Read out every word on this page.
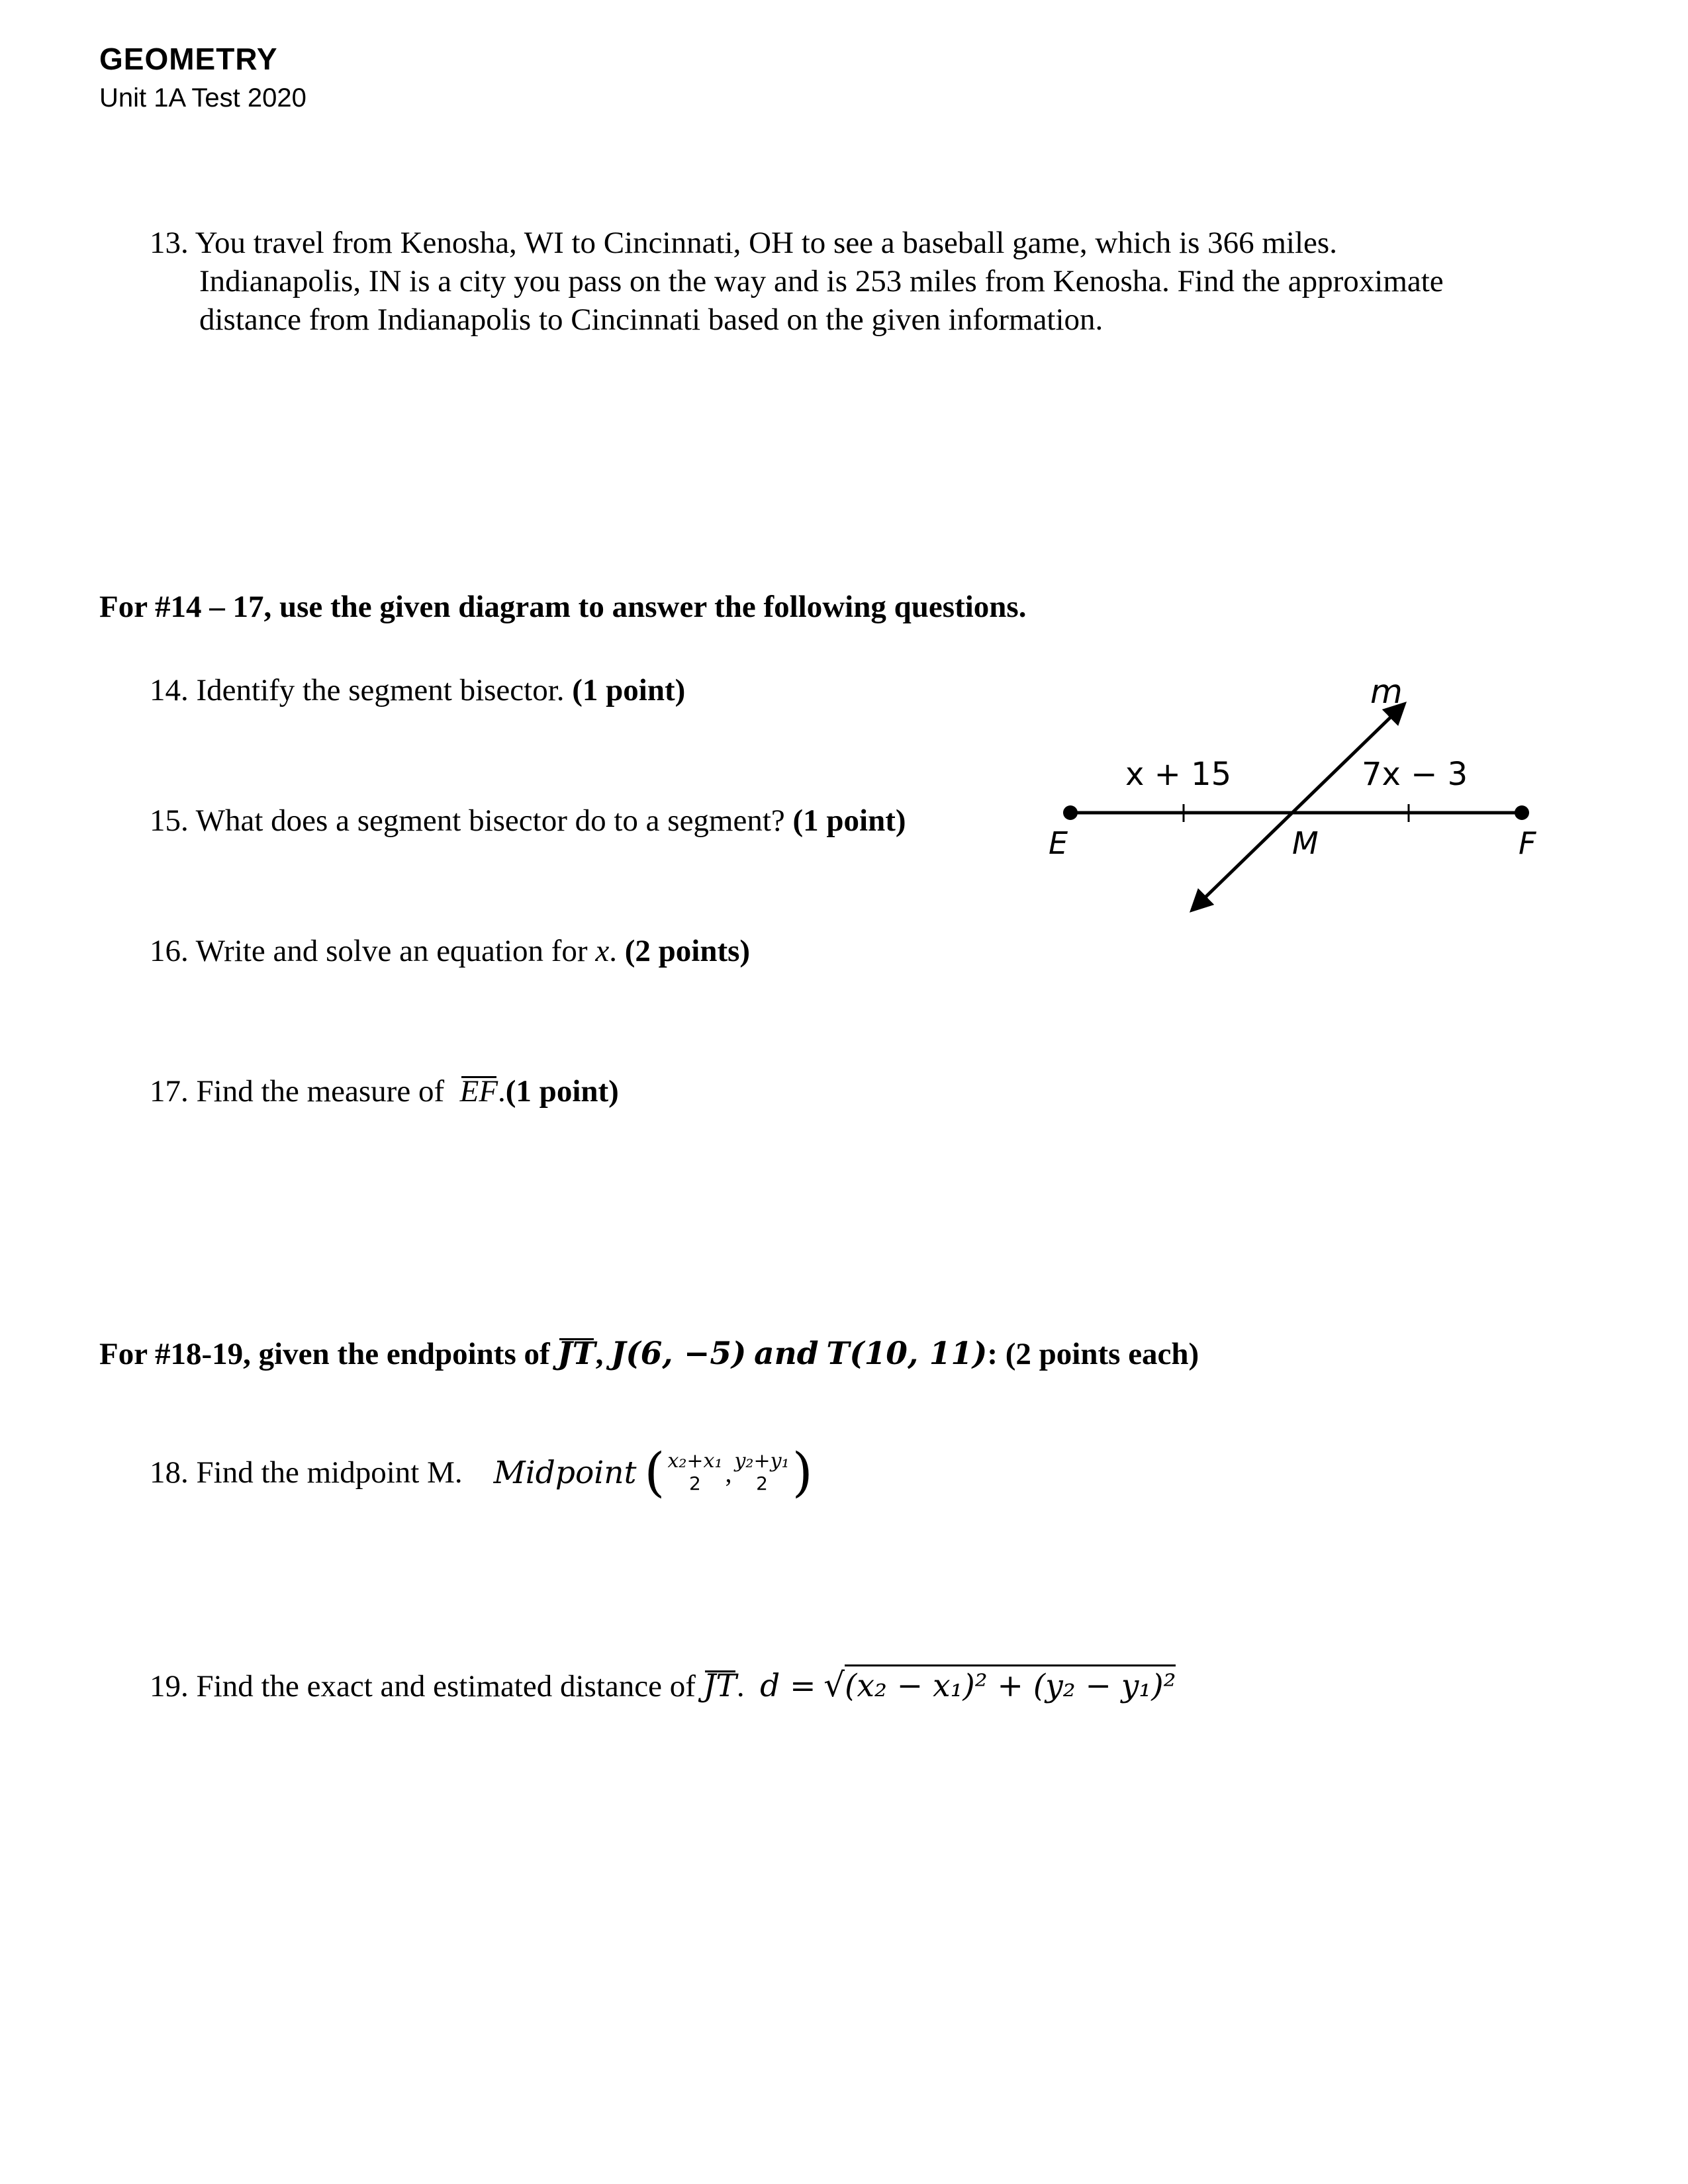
GEOMETRY
Unit 1A Test 2020
13. You travel from Kenosha, WI to Cincinnati, OH to see a baseball game, which is 366 miles.
Indianapolis, IN is a city you pass on the way and is 253 miles from Kenosha. Find the approximate
distance from Indianapolis to Cincinnati based on the given information.
For #14 – 17, use the given diagram to answer the following questions.
14. Identify the segment bisector. (1 point)
15. What does a segment bisector do to a segment? (1 point)
16. Write and solve an equation for x. (2 points)
17. Find the measure of EF.(1 point)
m
x + 15	7x − 3
E	M	F
For #18-19, given the endpoints of JT, J(6, −5) and T(10, 11): (2 points each)
18.
Find the midpoint M.
Midpoint
( x₂+x₁
2 , y₂+y₁
2 )
19. Find the exact and estimated distance of JT. d = √(x₂ − x₁)² + (y₂ − y₁)²
